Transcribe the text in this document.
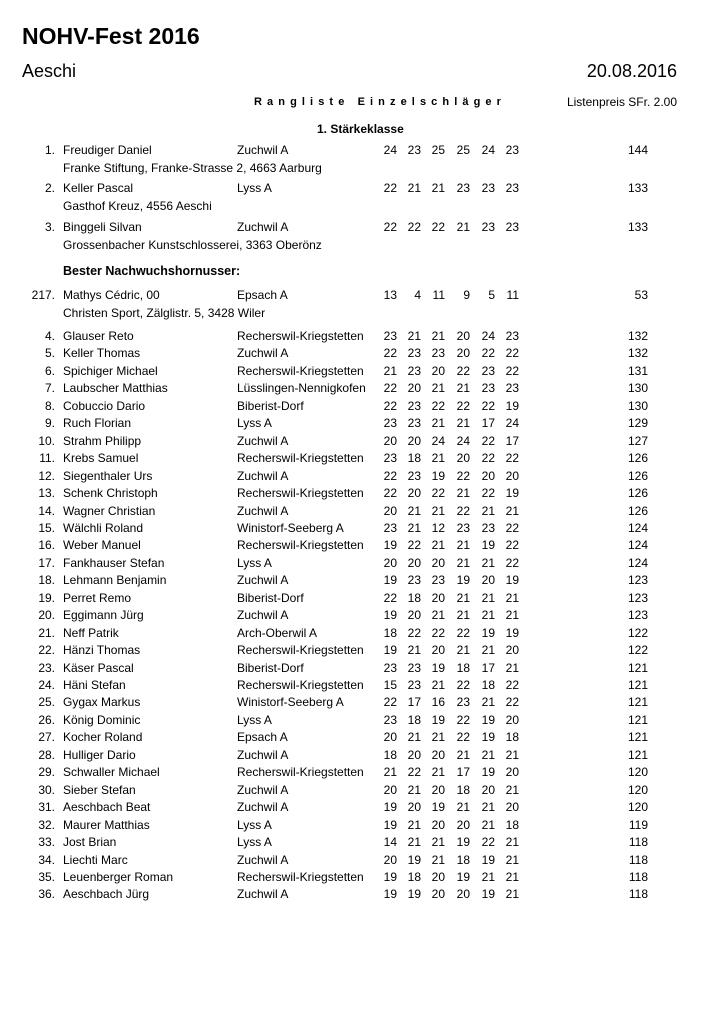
NOHV-Fest 2016
Aeschi	20.08.2016
Rangliste Einzelschläger	Listenpreis SFr. 2.00
1. Stärkeklasse
Bester Nachwuchshornusser:
1. Freudiger Daniel	Zuchwil A	24 23 25 25 24 23	144
Franke Stiftung, Franke-Strasse 2, 4663 Aarburg
2. Keller Pascal	Lyss A	22 21 21 23 23 23	133
Gasthof Kreuz, 4556 Aeschi
3. Binggeli Silvan	Zuchwil A	22 22 22 21 23 23	133
Grossenbacher Kunstschlosserei, 3363 Oberönz
217. Mathys Cédric, 00	Epsach A	13 4 11 9 5 11	53
Christen Sport, Zälglistr. 5, 3428 Wiler
4. Glauser Reto	Recherswil-Kriegstetten 23 21 21 20 24 23	132
5. Keller Thomas	Zuchwil A	22 23 23 20 22 22	132
6. Spichiger Michael	Recherswil-Kriegstetten 21 23 20 22 23 22	131
7. Laubscher Matthias	Lüsslingen-Nennigkofen 22 20 21 21 23 23	130
8. Cobuccio Dario	Biberist-Dorf	22 23 22 22 22 19	130
9. Ruch Florian	Lyss A	23 23 21 21 17 24	129
10. Strahm Philipp	Zuchwil A	20 20 24 24 22 17	127
11. Krebs Samuel	Recherswil-Kriegstetten 23 18 21 20 22 22	126
12. Siegenthaler Urs	Zuchwil A	22 23 19 22 20 20	126
13. Schenk Christoph	Recherswil-Kriegstetten 22 20 22 21 22 19	126
14. Wagner Christian	Zuchwil A	20 21 21 22 21 21	126
15. Wälchli Roland	Winistorf-Seeberg A	23 21 12 23 23 22	124
16. Weber Manuel	Recherswil-Kriegstetten 19 22 21 21 19 22	124
17. Fankhauser Stefan	Lyss A	20 20 20 21 21 22	124
18. Lehmann Benjamin	Zuchwil A	19 23 23 19 20 19	123
19. Perret Remo	Biberist-Dorf	22 18 20 21 21 21	123
20. Eggimann Jürg	Zuchwil A	19 20 21 21 21 21	123
21. Neff Patrik	Arch-Oberwil A	18 22 22 22 19 19	122
22. Hänzi Thomas	Recherswil-Kriegstetten 19 21 20 21 21 20	122
23. Käser Pascal	Biberist-Dorf	23 23 19 18 17 21	121
24. Häni Stefan	Recherswil-Kriegstetten 15 23 21 22 18 22	121
25. Gygax Markus	Winistorf-Seeberg A	22 17 16 23 21 22	121
26. König Dominic	Lyss A	23 18 19 22 19 20	121
27. Kocher Roland	Epsach A	20 21 21 22 19 18	121
28. Hulliger Dario	Zuchwil A	18 20 20 21 21 21	121
29. Schwaller Michael	Recherswil-Kriegstetten 21 22 21 17 19 20	120
30. Sieber Stefan	Zuchwil A	20 21 20 18 20 21	120
31. Aeschbach Beat	Zuchwil A	19 20 19 21 21 20	120
32. Maurer Matthias	Lyss A	19 21 20 20 21 18	119
33. Jost Brian	Lyss A	14 21 21 19 22 21	118
34. Liechti Marc	Zuchwil A	20 19 21 18 19 21	118
35. Leuenberger Roman	Recherswil-Kriegstetten 19 18 20 19 21 21	118
36. Aeschbach Jürg	Zuchwil A	19 19 20 20 19 21	118
